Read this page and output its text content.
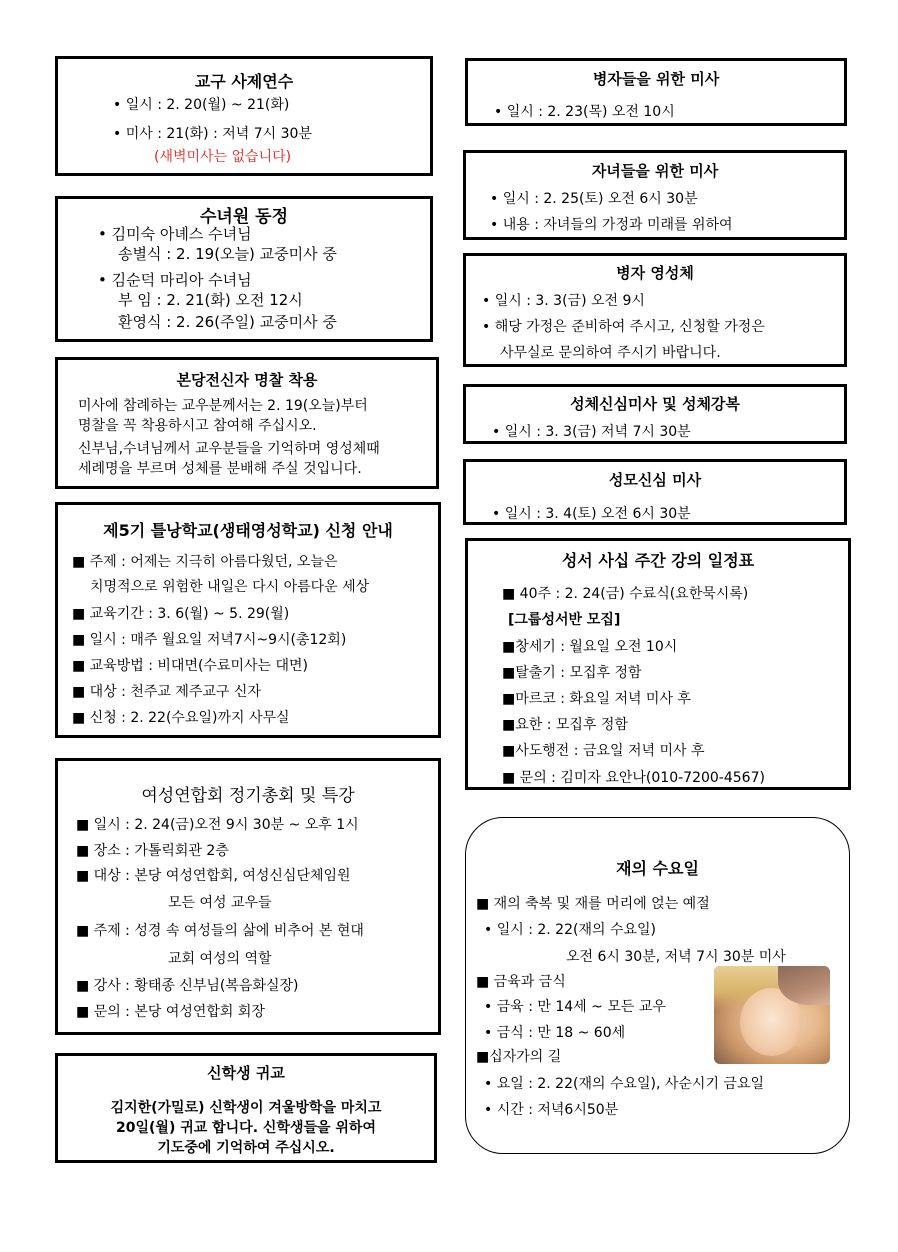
교구 사제연수
• 일시 : 2. 20(월) ~ 21(화)
• 미사 : 21(화) : 저녁 7시 30분
(새벽미사는 없습니다)
수녀원 동정
• 김미숙 아녜스 수녀님
송별식 : 2. 19(오늘) 교중미사 중
• 김순덕 마리아 수녀님
부 임 : 2. 21(화) 오전 12시
환영식 : 2. 26(주일) 교중미사 중
본당전신자 명찰 착용
미사에 참례하는 교우분께서는 2. 19(오늘)부터
명찰을 꼭 착용하시고 참여해 주십시오.
신부님,수녀님께서 교우분들을 기억하며 영성체때
세례명을 부르며 성체를 분배해 주실 것입니다.
제5기 틀낭학교(생태영성학교) 신청 안내
■ 주제 : 어제는 지극히 아름다웠던, 오늘은
치명적으로 위험한 내일은 다시 아름다운 세상
■ 교육기간 : 3. 6(월) ~ 5. 29(월)
■ 일시 : 매주 월요일 저녁7시~9시(총12회)
■ 교육방법 : 비대면(수료미사는 대면)
■ 대상 : 천주교 제주교구 신자
■ 신청 : 2. 22(수요일)까지 사무실
여성연합회 정기총회 및 특강
■ 일시 : 2. 24(금)오전 9시 30분 ~ 오후 1시
■ 장소 : 가톨릭회관 2층
■ 대상 : 본당 여성연합회, 여성신심단체임원
모든 여성 교우들
■ 주제 : 성경 속 여성들의 삶에 비추어 본 현대
교회 여성의 역할
■ 강사 : 황태종 신부님(복음화실장)
■ 문의 : 본당 여성연합회 회장
신학생 귀교
김지한(가밀로) 신학생이 겨울방학을 마치고
20일(월) 귀교 합니다. 신학생들을 위하여
기도중에 기억하여 주십시오.
병자들을 위한 미사
• 일시 : 2. 23(목) 오전 10시
자녀들을 위한 미사
• 일시 : 2. 25(토) 오전 6시 30분
• 내용 : 자녀들의 가정과 미래를 위하여
병자 영성체
• 일시 : 3. 3(금) 오전 9시
• 해당 가정은 준비하여 주시고, 신청할 가정은
사무실로 문의하여 주시기 바랍니다.
성체신심미사 및 성체강복
• 일시 : 3. 3(금) 저녁 7시 30분
성모신심 미사
• 일시 : 3. 4(토) 오전 6시 30분
성서 사십 주간 강의 일정표
■ 40주 : 2. 24(금) 수료식(요한묵시록)
[그룹성서반 모집]
■창세기 : 월요일 오전 10시
■탈출기 : 모집후 정함
■마르코 : 화요일 저녁 미사 후
■요한 : 모집후 정함
■사도행전 : 금요일 저녁 미사 후
■ 문의 : 김미자 요안나(010-7200-4567)
재의 수요일
■ 재의 축복 및 재를 머리에 얹는 예절
• 일시 : 2. 22(재의 수요일)
오전 6시 30분, 저녁 7시 30분 미사
■ 금육과 금식
• 금육 : 만 14세 ~ 모든 교우
• 금식 : 만 18 ~ 60세
■십자가의 길
• 요일 : 2. 22(재의 수요일), 사순시기 금요일
• 시간 : 저녁6시50분
